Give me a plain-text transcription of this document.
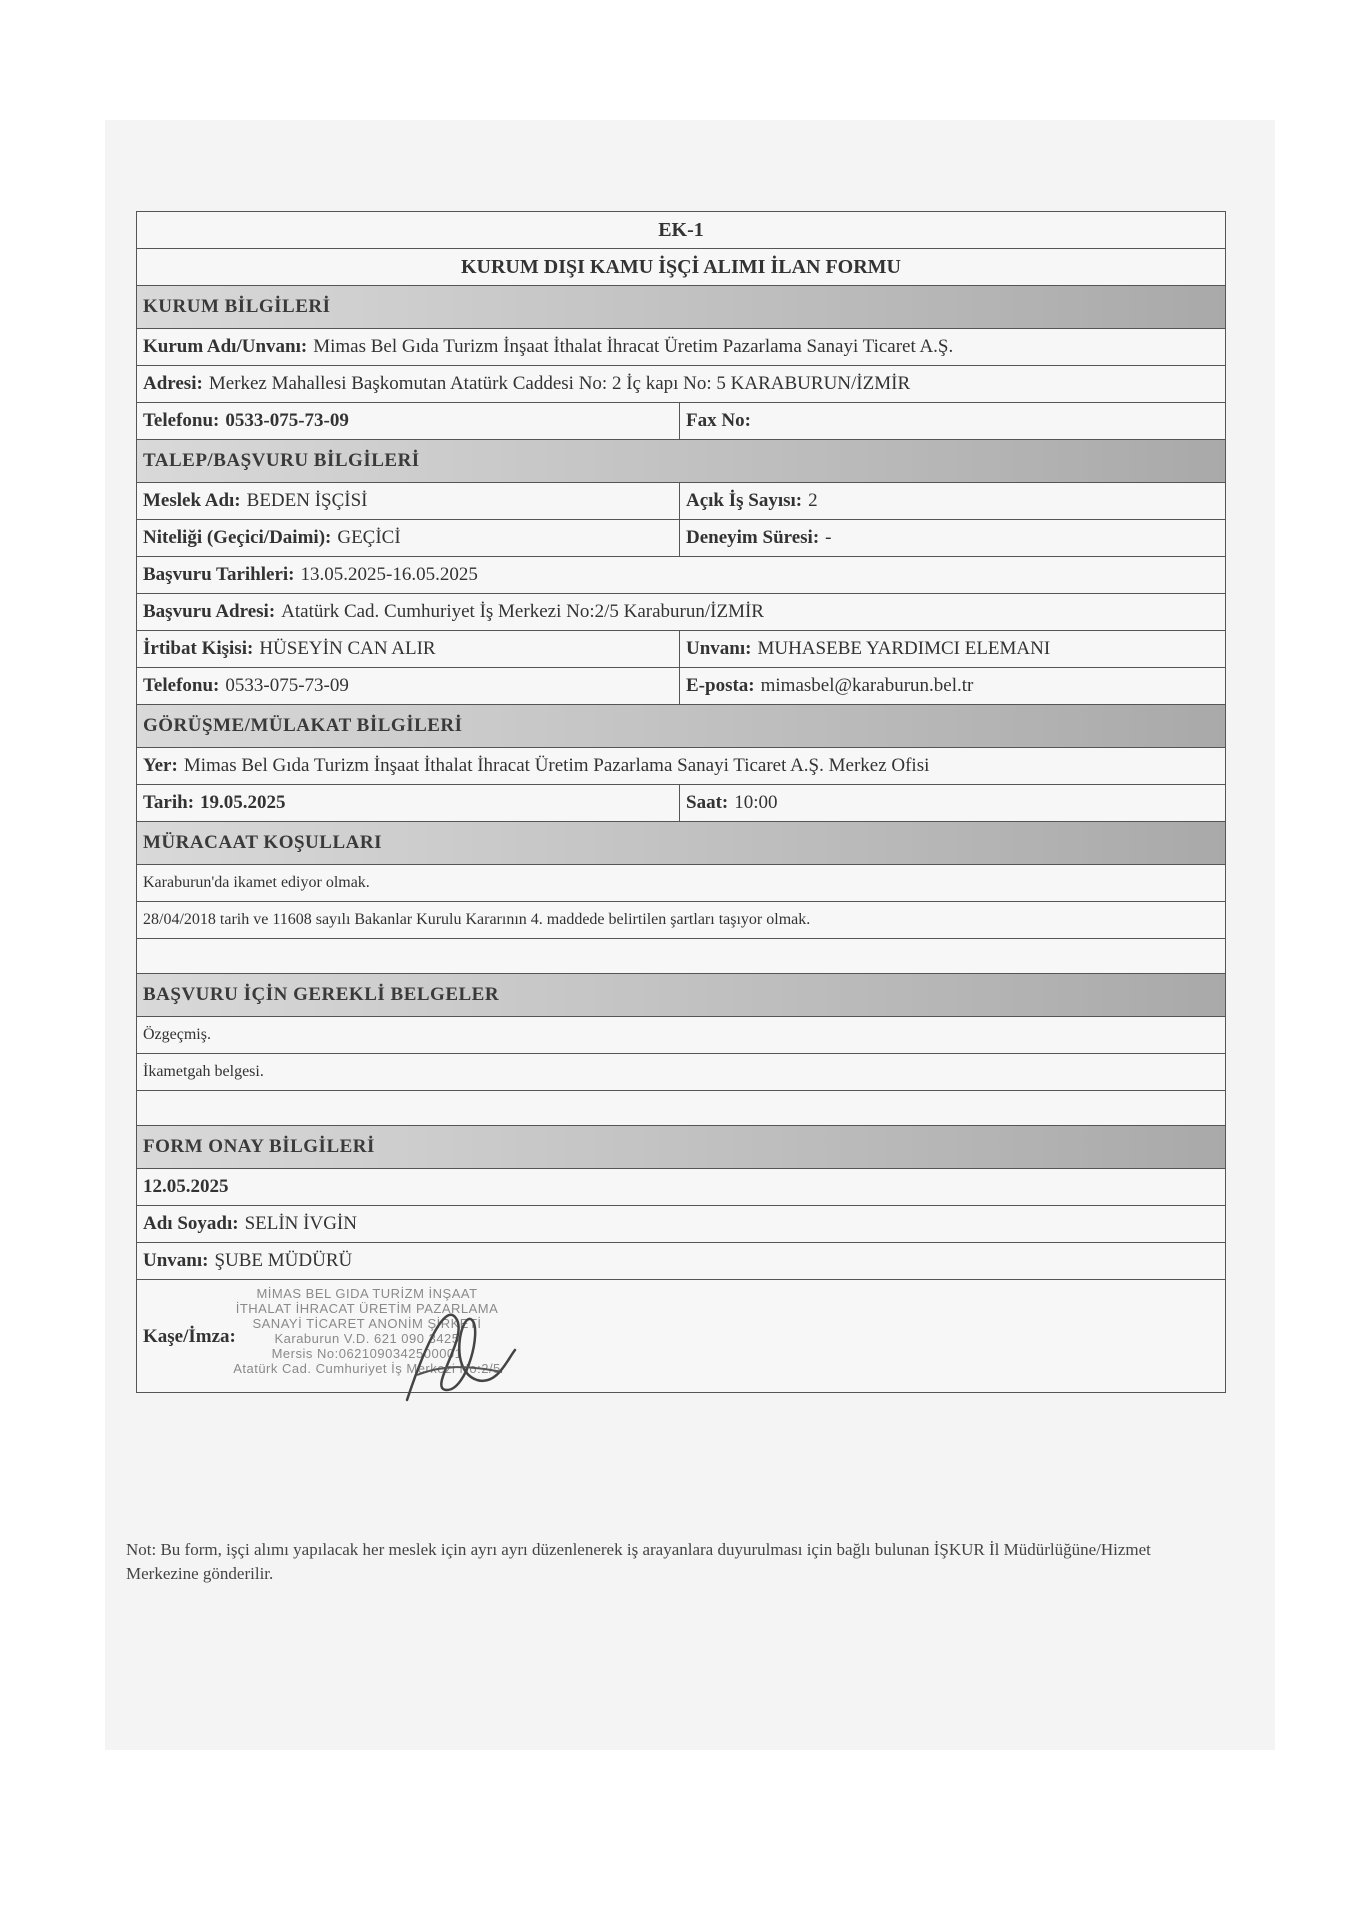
EK-1
KURUM DIŞI KAMU İŞÇİ ALIMI İLAN FORMU
KURUM BİLGİLERİ
Kurum Adı/Unvanı: Mimas Bel Gıda Turizm İnşaat İthalat İhracat Üretim Pazarlama Sanayi Ticaret A.Ş.
Adresi: Merkez Mahallesi Başkomutan Atatürk Caddesi No: 2 İç kapı No: 5 KARABURUN/İZMİR
Telefonu: 0533-075-73-09	Fax No:
TALEP/BAŞVURU BİLGİLERİ
Meslek Adı: BEDEN İŞÇİSİ	Açık İş Sayısı: 2
Niteliği (Geçici/Daimi): GEÇİCİ	Deneyim Süresi: -
Başvuru Tarihleri: 13.05.2025-16.05.2025
Başvuru Adresi: Atatürk Cad. Cumhuriyet İş Merkezi No:2/5 Karaburun/İZMİR
İrtibat Kişisi: HÜSEYİN CAN ALIR	Unvanı: MUHASEBE YARDIMCI ELEMANI
Telefonu: 0533-075-73-09	E-posta: mimasbel@karaburun.bel.tr
GÖRÜŞME/MÜLAKAT BİLGİLERİ
Yer: Mimas Bel Gıda Turizm İnşaat İthalat İhracat Üretim Pazarlama Sanayi Ticaret A.Ş. Merkez Ofisi
Tarih: 19.05.2025	Saat: 10:00
MÜRACAAT KOŞULLARI
Karaburun'da ikamet ediyor olmak.
28/04/2018 tarih ve 11608 sayılı Bakanlar Kurulu Kararının 4. maddede belirtilen şartları taşıyor olmak.
BAŞVURU İÇİN GEREKLİ BELGELER
Özgeçmiş.
İkametgah belgesi.
FORM ONAY BİLGİLERİ
12.05.2025
Adı Soyadı: SELİN İVGİN
Unvanı: ŞUBE MÜDÜRÜ
MİMAS BEL GIDA TURİZM İNŞAAT
İTHALAT İHRACAT ÜRETİM PAZARLAMA
SANAYİ TİCARET ANONİM ŞİRKETİ
Karaburun V.D. 621 090 3425
Mersis No:0621090342500001
Atatürk Cad. Cumhuriyet İş Merkezi No:2/5
Kaşe/İmza:
Not: Bu form, işçi alımı yapılacak her meslek için ayrı ayrı düzenlenerek iş arayanlara duyurulması için bağlı bulunan İŞKUR İl Müdürlüğüne/Hizmet Merkezine gönderilir.
